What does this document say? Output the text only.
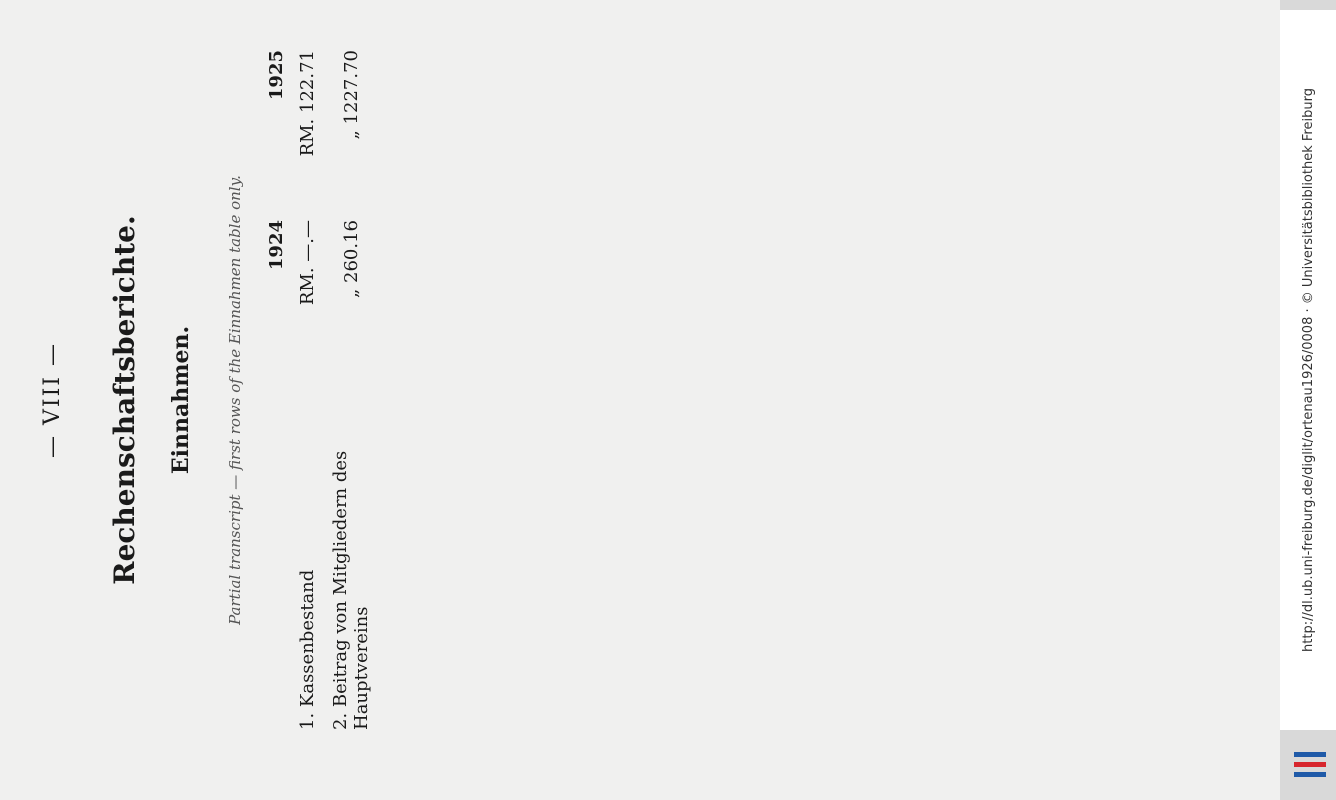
— VIII — Rechenschaftsberichte. Einnahmen. Partial transcript — first rows of the Einnahmen table only.
	1924	1925
1. Kassenbestand	RM. —.—	RM. 122.71
2. Beitrag von Mitgliedern des Hauptvereins	„ 260.16	„ 1227.70	http://dl.ub.uni-freiburg.de/diglit/ortenau1926/0008 · © Universitätsbibliothek Freiburg
